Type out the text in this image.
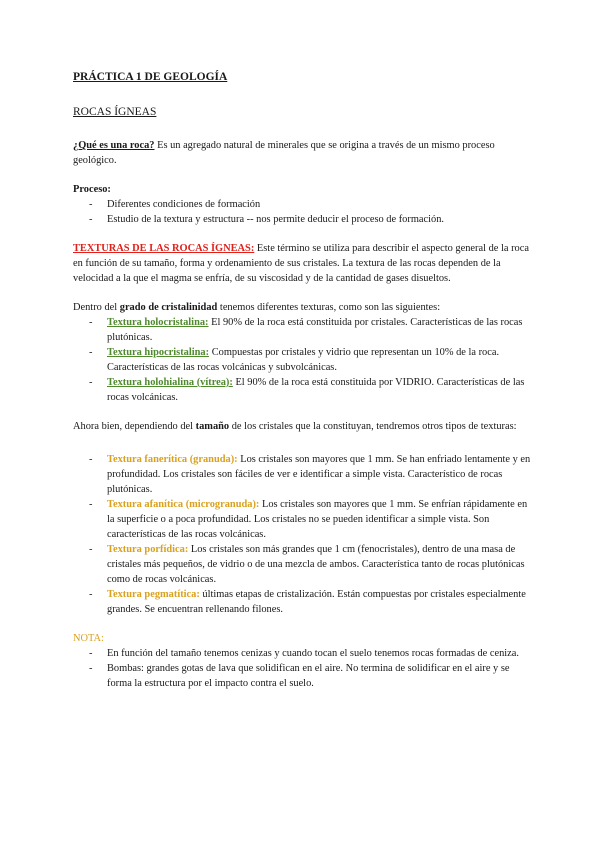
PRÁCTICA 1 DE GEOLOGÍA

ROCAS ÍGNEAS

¿Qué es una roca? Es un agregado natural de minerales que se origina a través de un mismo proceso geológico.

Proceso:

- Diferentes condiciones de formación
- Estudio de la textura y estructura -- nos permite deducir el proceso de formación.

TEXTURAS DE LAS ROCAS ÍGNEAS: Este término se utiliza para describir el aspecto general de la roca en función de su tamaño, forma y ordenamiento de sus cristales. La textura de las rocas dependen de la velocidad a la que el magma se enfría, de su viscosidad y de la cantidad de gases disueltos.

Dentro del grado de cristalinidad tenemos diferentes texturas, como son las siguientes:

- Textura holocristalina: El 90% de la roca está constituida por cristales. Características de las rocas plutónicas.
- Textura hipocristalina: Compuestas por cristales y vidrio que representan un 10% de la roca. Características de las rocas volcánicas y subvolcánicas.
- Textura holohialina (vítrea): El 90% de la roca está constituida por VIDRIO. Características de las rocas volcánicas.

Ahora bien, dependiendo del tamaño de los cristales que la constituyan, tendremos otros tipos de texturas:

- Textura fanerítica (granuda): Los cristales son mayores que 1 mm. Se han enfriado lentamente y en profundidad. Los cristales son fáciles de ver e identificar a simple vista. Característico de rocas plutónicas.
- Textura afanítica (microgranuda): Los cristales son mayores que 1 mm. Se enfrían rápidamente en la superficie o a poca profundidad. Los cristales no se pueden identificar a simple vista. Son características de las rocas volcánicas.
- Textura porfídica: Los cristales son más grandes que 1 cm (fenocristales), dentro de una masa de cristales más pequeños, de vidrio o de una mezcla de ambos. Característica tanto de rocas plutónicas como de rocas volcánicas.
- Textura pegmatítica: últimas etapas de cristalización. Están compuestas por cristales especialmente grandes. Se encuentran rellenando filones.

NOTA:

- En función del tamaño tenemos cenizas y cuando tocan el suelo tenemos rocas formadas de ceniza.
- Bombas: grandes gotas de lava que solidifican en el aire. No termina de solidificar en el aire y se forma la estructura por el impacto contra el suelo.
